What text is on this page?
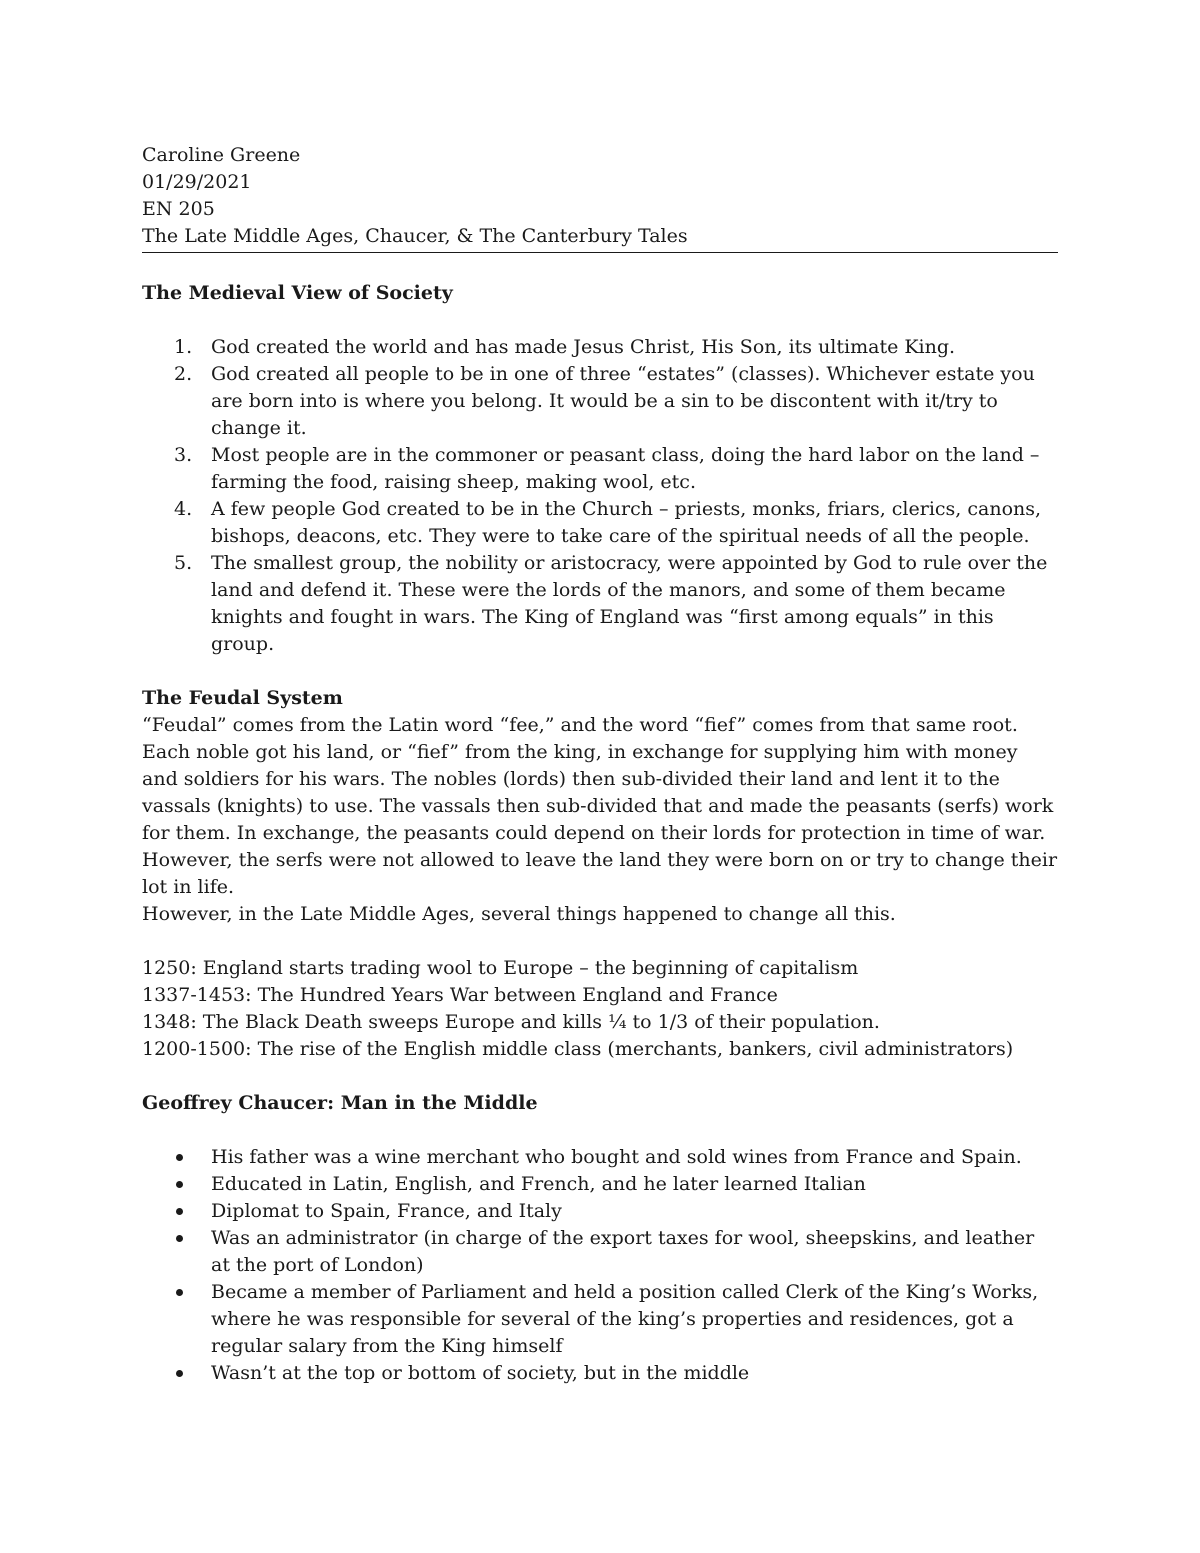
Caroline Greene

01/29/2021

EN 205

The Late Middle Ages, Chaucer, & The Canterbury Tales

The Medieval View of Society
1. God created the world and has made Jesus Christ, His Son, its ultimate King.
2. God created all people to be in one of three “estates” (classes). Whichever estate you are born into is where you belong. It would be a sin to be discontent with it/try to change it.
3. Most people are in the commoner or peasant class, doing the hard labor on the land – farming the food, raising sheep, making wool, etc.
4. A few people God created to be in the Church – priests, monks, friars, clerics, canons, bishops, deacons, etc. They were to take care of the spiritual needs of all the people.
5. The smallest group, the nobility or aristocracy, were appointed by God to rule over the land and defend it. These were the lords of the manors, and some of them became knights and fought in wars. The King of England was “first among equals” in this group.
The Feudal System

“Feudal” comes from the Latin word “fee,” and the word “fief” comes from that same root. Each noble got his land, or “fief” from the king, in exchange for supplying him with money and soldiers for his wars. The nobles (lords) then sub-divided their land and lent it to the vassals (knights) to use. The vassals then sub-divided that and made the peasants (serfs) work for them. In exchange, the peasants could depend on their lords for protection in time of war. However, the serfs were not allowed to leave the land they were born on or try to change their lot in life.

However, in the Late Middle Ages, several things happened to change all this.

1250: England starts trading wool to Europe – the beginning of capitalism

1337-1453: The Hundred Years War between England and France

1348: The Black Death sweeps Europe and kills ¼ to 1/3 of their population.

1200-1500: The rise of the English middle class (merchants, bankers, civil administrators)

Geoffrey Chaucer: Man in the Middle
His father was a wine merchant who bought and sold wines from France and Spain.
Educated in Latin, English, and French, and he later learned Italian
Diplomat to Spain, France, and Italy
Was an administrator (in charge of the export taxes for wool, sheepskins, and leather at the port of London)
Became a member of Parliament and held a position called Clerk of the King’s Works, where he was responsible for several of the king’s properties and residences, got a regular salary from the King himself
Wasn’t at the top or bottom of society, but in the middle
